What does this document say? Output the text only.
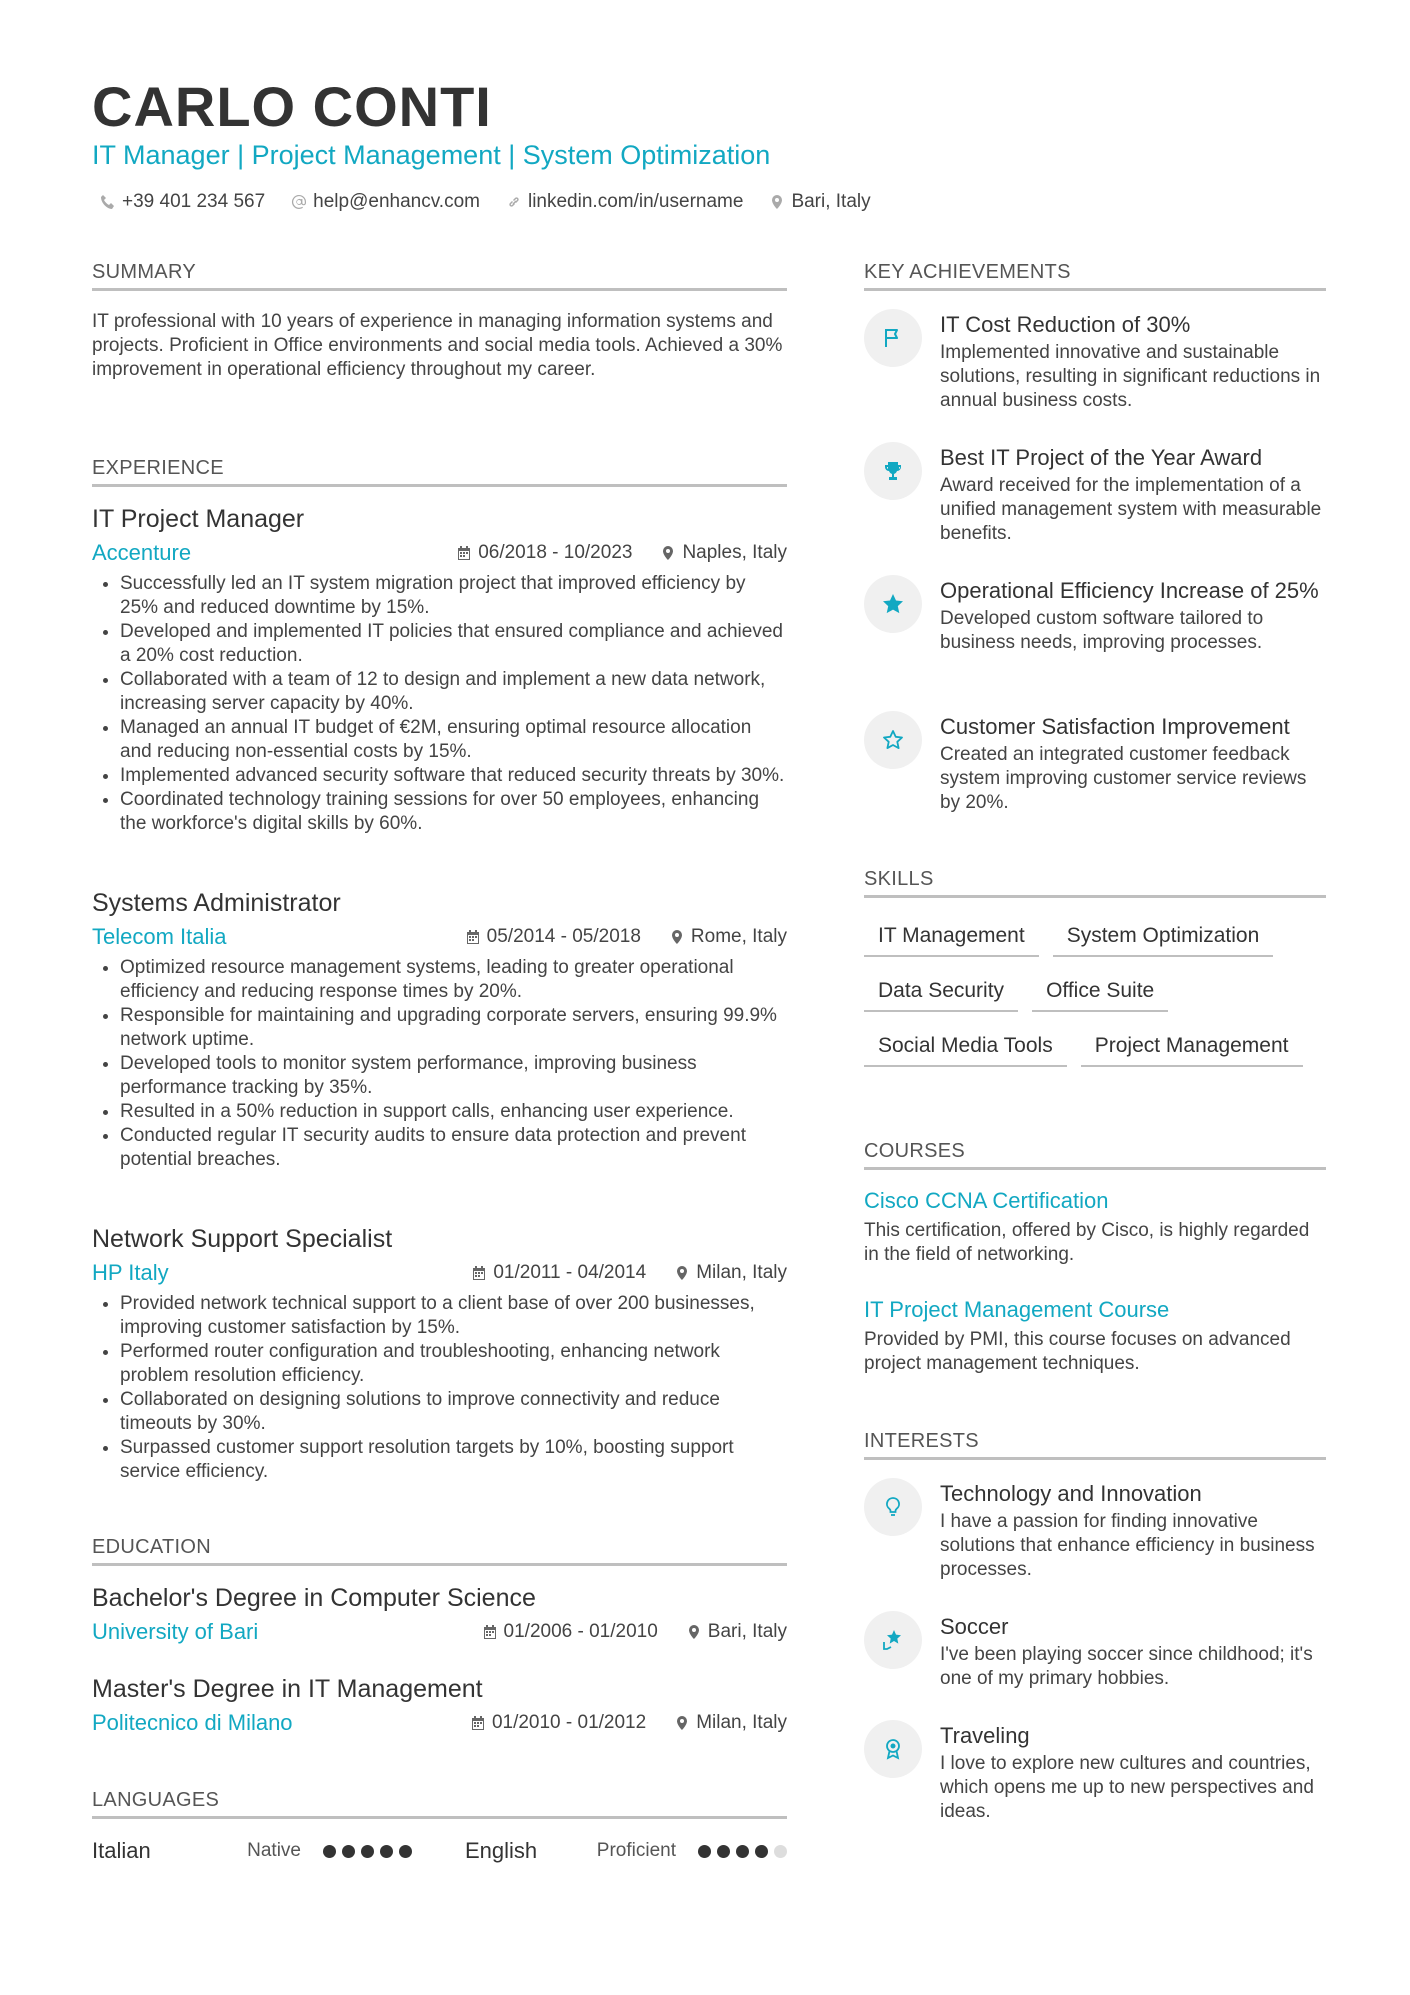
CARLO CONTI
IT Manager | Project Management | System Optimization
+39 401 234 567	help@enhancv.com	linkedin.com/in/username	Bari, Italy
SUMMARY
IT professional with 10 years of experience in managing information systems and projects. Proficient in Office environments and social media tools. Achieved a 30% improvement in operational efficiency throughout my career.
EXPERIENCE
IT Project Manager
Accenture	06/2018 - 10/2023	Naples, Italy
• Successfully led an IT system migration project that improved efficiency by 25% and reduced downtime by 15%.
• Developed and implemented IT policies that ensured compliance and achieved a 20% cost reduction.
• Collaborated with a team of 12 to design and implement a new data network, increasing server capacity by 40%.
• Managed an annual IT budget of €2M, ensuring optimal resource allocation and reducing non-essential costs by 15%.
• Implemented advanced security software that reduced security threats by 30%.
• Coordinated technology training sessions for over 50 employees, enhancing the workforce's digital skills by 60%.
Systems Administrator
Telecom Italia	05/2014 - 05/2018	Rome, Italy
• Optimized resource management systems, leading to greater operational efficiency and reducing response times by 20%.
• Responsible for maintaining and upgrading corporate servers, ensuring 99.9% network uptime.
• Developed tools to monitor system performance, improving business performance tracking by 35%.
• Resulted in a 50% reduction in support calls, enhancing user experience.
• Conducted regular IT security audits to ensure data protection and prevent potential breaches.
Network Support Specialist
HP Italy	01/2011 - 04/2014	Milan, Italy
• Provided network technical support to a client base of over 200 businesses, improving customer satisfaction by 15%.
• Performed router configuration and troubleshooting, enhancing network problem resolution efficiency.
• Collaborated on designing solutions to improve connectivity and reduce timeouts by 30%.
• Surpassed customer support resolution targets by 10%, boosting support service efficiency.
EDUCATION
Bachelor's Degree in Computer Science
University of Bari	01/2006 - 01/2010	Bari, Italy
Master's Degree in IT Management
Politecnico di Milano	01/2010 - 01/2012	Milan, Italy
LANGUAGES
Italian	Native	English	Proficient
KEY ACHIEVEMENTS
IT Cost Reduction of 30%
Implemented innovative and sustainable solutions, resulting in significant reductions in annual business costs.
Best IT Project of the Year Award
Award received for the implementation of a unified management system with measurable benefits.
Operational Efficiency Increase of 25%
Developed custom software tailored to business needs, improving processes.
Customer Satisfaction Improvement
Created an integrated customer feedback system improving customer service reviews by 20%.
SKILLS
IT Management System Optimization
Data Security Office Suite
Social Media Tools Project Management
COURSES
Cisco CCNA Certification
This certification, offered by Cisco, is highly regarded in the field of networking.
IT Project Management Course
Provided by PMI, this course focuses on advanced project management techniques.
INTERESTS
Technology and Innovation
I have a passion for finding innovative solutions that enhance efficiency in business processes.
Soccer
I've been playing soccer since childhood; it's one of my primary hobbies.
Traveling
I love to explore new cultures and countries, which opens me up to new perspectives and ideas.
